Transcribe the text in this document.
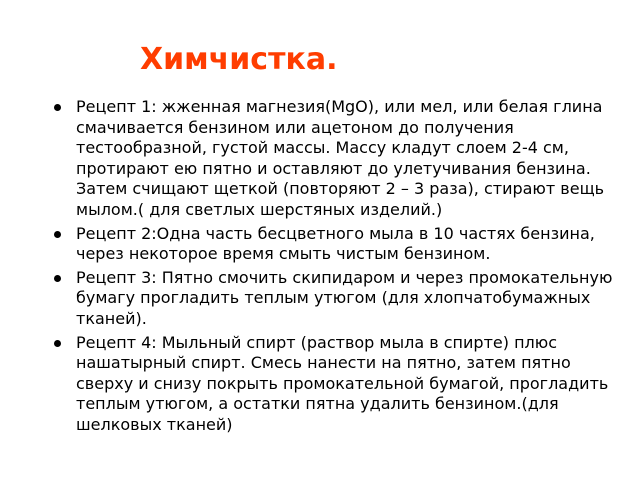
Химчистка.
Рецепт 1: жженная магнезия(MgO), или мел, или белая глина смачивается бензином или ацетоном до получения тестообразной, густой массы. Массу кладут слоем 2-4 см, протирают ею пятно и оставляют до улетучивания бензина. Затем счищают щеткой (повторяют 2 – 3 раза), стирают вещь мылом.( для светлых шерстяных изделий.)
Рецепт 2:Одна часть бесцветного мыла в 10 частях бензина, через некоторое время смыть чистым бензином.
Рецепт 3: Пятно смочить скипидаром и через промокательную бумагу прогладить теплым утюгом (для хлопчатобумажных тканей).
Рецепт 4: Мыльный спирт (раствор мыла в спирте) плюс нашатырный спирт. Смесь нанести на пятно, затем пятно сверху и снизу покрыть промокательной бумагой, прогладить теплым утюгом, а остатки пятна удалить бензином.(для шелковых тканей)
